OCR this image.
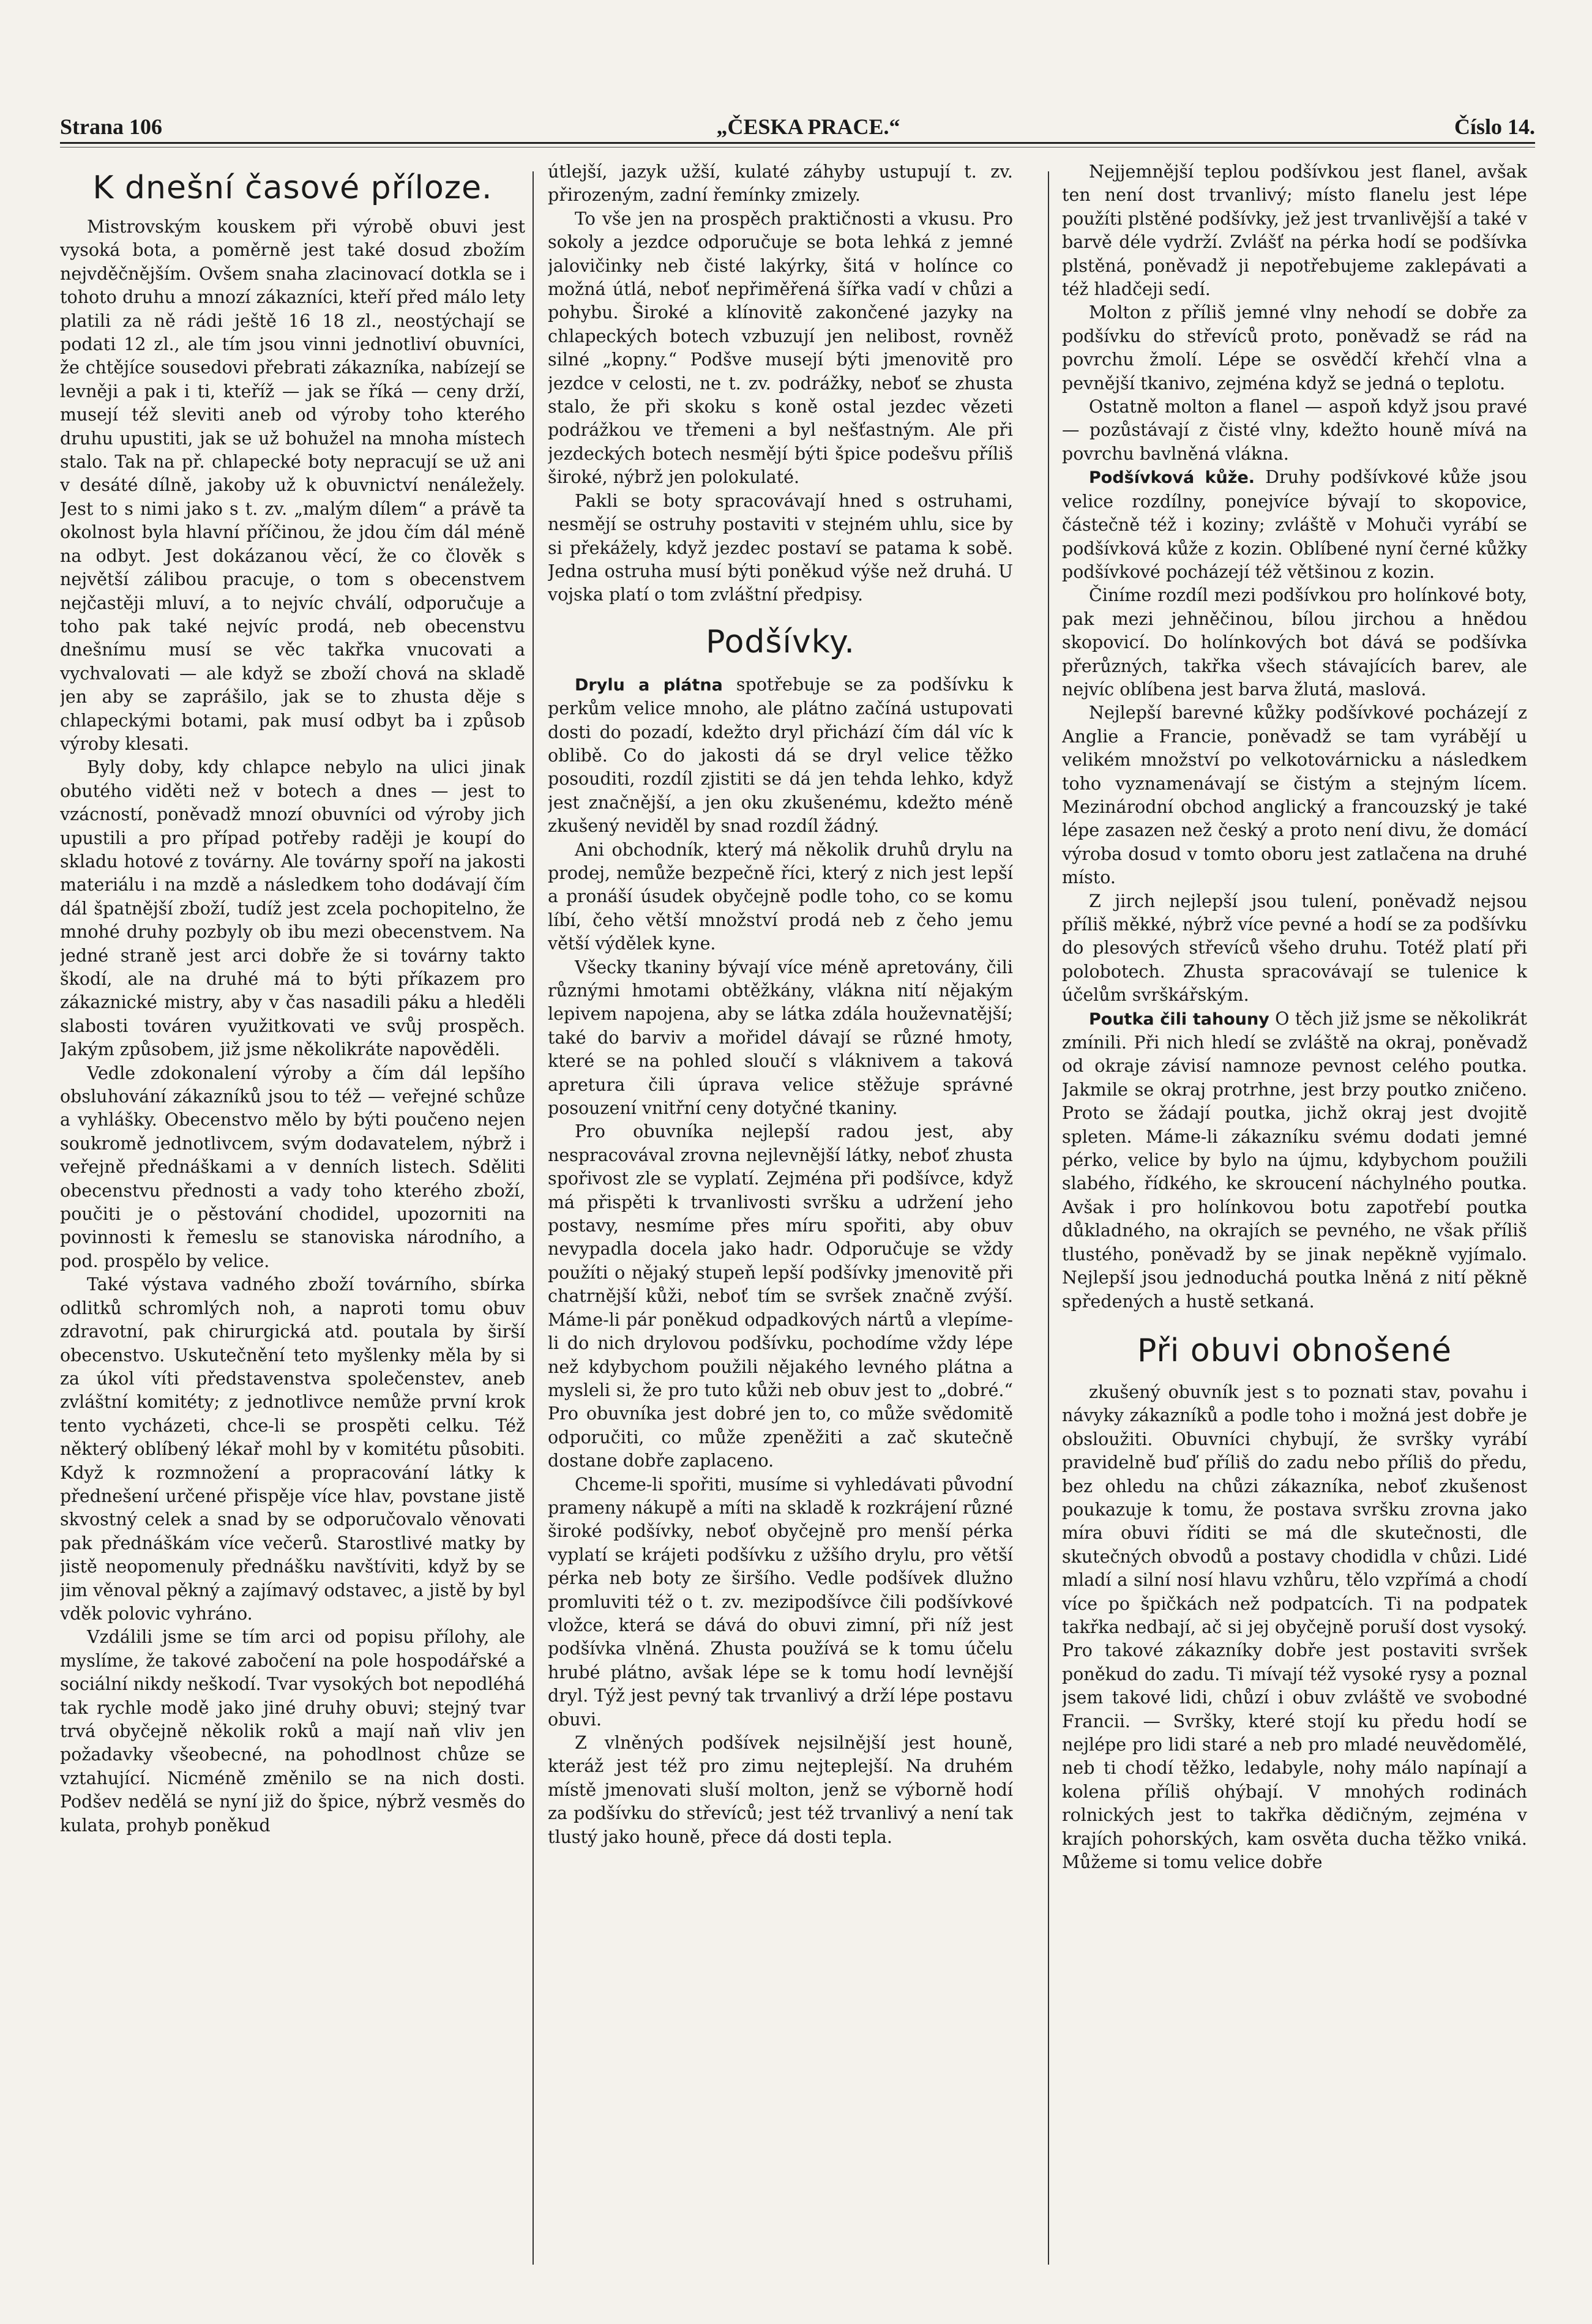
Strana 106	„ČESKA PRACE.“	Číslo 14.
K dnešní časové příloze.

Mistrovským kouskem při výrobě obuvi jest vysoká bota, a poměrně jest také dosud zbožím nejvděčnějším. Ovšem snaha zlacinovací dotkla se i tohoto druhu a mnozí zákazníci, kteří před málo lety platili za ně rádi ještě 16 18 zl., neostýchají se podati 12 zl., ale tím jsou vinni jednotliví obuvníci, že chtějíce sousedovi přebrati zákazníka, nabízejí se levněji a pak i ti, kteříž — jak se říká — ceny drží, musejí též sleviti aneb od výroby toho kterého druhu upustiti, jak se už bohužel na mnoha místech stalo. Tak na př. chlapecké boty nepracují se už ani v desáté dílně, jakoby už k obuvnictví nenáležely. Jest to s nimi jako s t. zv. „malým dílem“ a právě ta okolnost byla hlavní příčinou, že jdou čím dál méně na odbyt. Jest dokázanou věcí, že co člověk s největší zálibou pracuje, o tom s obecenstvem nejčastěji mluví, a to nejvíc chválí, odporučuje a toho pak také nejvíc prodá, neb obecenstvu dnešnímu musí se věc takřka vnucovati a vychvalovati — ale když se zboží chová na skladě jen aby se zaprášilo, jak se to zhusta děje s chlapeckými botami, pak musí odbyt ba i způsob výroby klesati.

Byly doby, kdy chlapce nebylo na ulici jinak obutého viděti než v botech a dnes — jest to vzácností, poněvadž mnozí obuvníci od výroby jich upustili a pro případ potřeby raději je koupí do skladu hotové z továrny. Ale továrny spoří na jakosti materiálu i na mzdě a následkem toho dodávají čím dál špatnější zboží, tudíž jest zcela pochopitelno, že mnohé druhy pozbyly ob ibu mezi obecenstvem. Na jedné straně jest arci dobře že si továrny takto škodí, ale na druhé má to býti příkazem pro zákaznické mistry, aby v čas nasadili páku a hleděli slabosti továren využitkovati ve svůj prospěch. Jakým způsobem, již jsme několikráte napověděli.

Vedle zdokonalení výroby a čím dál lepšího obsluhování zákazníků jsou to též — veřejné schůze a vyhlášky. Obecenstvo mělo by býti poučeno nejen soukromě jednotlivcem, svým dodavatelem, nýbrž i veřejně přednáškami a v denních listech. Sděliti obecenstvu přednosti a vady toho kterého zboží, poučiti je o pěstování chodidel, upozorniti na povinnosti k řemeslu se stanoviska národního, a pod. prospělo by velice.

Také výstava vadného zboží továrního, sbírka odlitků schromlých noh, a naproti tomu obuv zdravotní, pak chirurgická atd. poutala by širší obecenstvo. Uskutečnění teto myšlenky měla by si za úkol víti představenstva společenstev, aneb zvláštní komitéty; z jednotlivce nemůže první krok tento vycházeti, chce-li se prospěti celku. Též některý oblíbený lékař mohl by v komitétu působiti. Když k rozmnožení a propracování látky k přednešení určené přispěje více hlav, povstane jistě skvostný celek a snad by se odporučovalo věnovati pak přednáškám více večerů. Starostlivé matky by jistě neopomenuly přednášku navštíviti, když by se jim věnoval pěkný a zajímavý odstavec, a jistě by byl vděk polovic vyhráno.

Vzdálili jsme se tím arci od popisu přílohy, ale myslíme, že takové zabočení na pole hospodářské a sociální nikdy neškodí. Tvar vysokých bot nepodléhá tak rychle modě jako jiné druhy obuvi; stejný tvar trvá obyčejně několik roků a mají naň vliv jen požadavky všeobecné, na pohodlnost chůze se vztahující. Nicméně změnilo se na nich dosti. Podšev nedělá se nyní již do špice, nýbrž vesměs do kulata, prohyb poněkud

útlejší, jazyk užší, kulaté záhyby ustupují t. zv. přirozeným, zadní řemínky zmizely.

To vše jen na prospěch praktičnosti a vkusu. Pro sokoly a jezdce odporučuje se bota lehká z jemné jalovičinky neb čisté lakýrky, šitá v holínce co možná útlá, neboť nepřiměřená šířka vadí v chůzi a pohybu. Široké a klínovitě zakončené jazyky na chlapeckých botech vzbuzují jen nelibost, rovněž silné „kopny.“ Podšve musejí býti jmenovitě pro jezdce v celosti, ne t. zv. podrážky, neboť se zhusta stalo, že při skoku s koně ostal jezdec vězeti podrážkou ve třemeni a byl nešťastným. Ale při jezdeckých botech nesmějí býti špice podešvu příliš široké, nýbrž jen polokulaté.

Pakli se boty spracovávají hned s ostruhami, nesmějí se ostruhy postaviti v stejném uhlu, sice by si překážely, když jezdec postaví se patama k sobě. Jedna ostruha musí býti poněkud výše než druhá. U vojska platí o tom zvláštní předpisy.

Podšívky.

Drylu a plátna spotřebuje se za podšívku k perkům velice mnoho, ale plátno začíná ustupovati dosti do pozadí, kdežto dryl přichází čím dál víc k oblibě. Co do jakosti dá se dryl velice těžko posouditi, rozdíl zjistiti se dá jen tehda lehko, když jest značnější, a jen oku zkušenému, kdežto méně zkušený neviděl by snad rozdíl žádný.

Ani obchodník, který má několik druhů drylu na prodej, nemůže bezpečně říci, který z nich jest lepší a pronáší úsudek obyčejně podle toho, co se komu líbí, čeho větší množství prodá neb z čeho jemu větší výdělek kyne.

Všecky tkaniny bývají více méně apretovány, čili různými hmotami obtěžkány, vlákna nití nějakým lepivem napojena, aby se látka zdála houževnatější; také do barviv a mořidel dávají se různé hmoty, které se na pohled sloučí s vláknivem a taková apretura čili úprava velice stěžuje správné posouzení vnitřní ceny dotyčné tkaniny.

Pro obuvníka nejlepší radou jest, aby nespracovával zrovna nejlevnější látky, neboť zhusta spořivost zle se vyplatí. Zejména při podšívce, když má přispěti k trvanlivosti svršku a udržení jeho postavy, nesmíme přes míru spořiti, aby obuv nevypadla docela jako hadr. Odporučuje se vždy použíti o nějaký stupeň lepší podšívky jmenovitě při chatrnější kůži, neboť tím se svršek značně zvýší. Máme-li pár poněkud odpadkových nártů a vlepíme-li do nich drylovou podšívku, pochodíme vždy lépe než kdybychom použili nějakého levného plátna a mysleli si, že pro tuto kůži neb obuv jest to „dobré.“ Pro obuvníka jest dobré jen to, co může svědomitě odporučiti, co může zpeněžiti a zač skutečně dostane dobře zaplaceno.

Chceme-li spořiti, musíme si vyhledávati původní prameny nákupě a míti na skladě k rozkrájení různé široké podšívky, neboť obyčejně pro menší pérka vyplatí se krájeti podšívku z užšího drylu, pro větší pérka neb boty ze širšího. Vedle podšívek dlužno promluviti též o t. zv. mezipodšívce čili podšívkové vložce, která se dává do obuvi zimní, při níž jest podšívka vlněná. Zhusta používá se k tomu účelu hrubé plátno, avšak lépe se k tomu hodí levnější dryl. Týž jest pevný tak trvanlivý a drží lépe postavu obuvi.

Z vlněných podšívek nejsilnější jest houně, kteráž jest též pro zimu nejteplejší. Na druhém místě jmenovati sluší molton, jenž se výborně hodí za podšívku do střevíců; jest též trvanlivý a není tak tlustý jako houně, přece dá dosti tepla.

Nejjemnější teplou podšívkou jest flanel, avšak ten není dost trvanlivý; místo flanelu jest lépe použíti plstěné podšívky, jež jest trvanlivější a také v barvě déle vydrží. Zvlášť na pérka hodí se podšívka plstěná, poněvadž ji nepotřebujeme zaklepávati a též hladčeji sedí.

Molton z příliš jemné vlny nehodí se dobře za podšívku do střevíců proto, poněvadž se rád na povrchu žmolí. Lépe se osvědčí křehčí vlna a pevnější tkanivo, zejména když se jedná o teplotu.

Ostatně molton a flanel — aspoň když jsou pravé — pozůstávají z čisté vlny, kdežto houně mívá na povrchu bavlněná vlákna.

Podšívková kůže. Druhy podšívkové kůže jsou velice rozdílny, ponejvíce bývají to skopovice, částečně též i koziny; zvláště v Mohuči vyrábí se podšívková kůže z kozin. Oblíbené nyní černé kůžky podšívkové pocházejí též většinou z kozin.

Činíme rozdíl mezi podšívkou pro holínkové boty, pak mezi jehněčinou, bílou jirchou a hnědou skopovicí. Do holínkových bot dává se podšívka přerůzných, takřka všech stávajících barev, ale nejvíc oblíbena jest barva žlutá, maslová.

Nejlepší barevné kůžky podšívkové pocházejí z Anglie a Francie, poněvadž se tam vyrábějí u velikém množství po velkotovárnicku a následkem toho vyznamenávají se čistým a stejným lícem. Mezinárodní obchod anglický a francouzský je také lépe zasazen než český a proto není divu, že domácí výroba dosud v tomto oboru jest zatlačena na druhé místo.

Z jirch nejlepší jsou tulení, poněvadž nejsou příliš měkké, nýbrž více pevné a hodí se za podšívku do plesových střevíců všeho druhu. Totéž platí při polobotech. Zhusta spracovávají se tulenice k účelům svrškářským.

Poutka čili tahouny O těch již jsme se několikrát zmínili. Při nich hledí se zvláště na okraj, poněvadž od okraje závisí namnoze pevnost celého poutka. Jakmile se okraj protrhne, jest brzy poutko zničeno. Proto se žádají poutka, jichž okraj jest dvojitě spleten. Máme-li zákazníku svému dodati jemné pérko, velice by bylo na újmu, kdybychom použili slabého, řídkého, ke skroucení náchylného poutka. Avšak i pro holínkovou botu zapotřebí poutka důkladného, na okrajích se pevného, ne však příliš tlustého, poněvadž by se jinak nepěkně vyjímalo. Nejlepší jsou jednoduchá poutka lněná z nití pěkně spředených a hustě setkaná.

Při obuvi obnošené

zkušený obuvník jest s to poznati stav, povahu i návyky zákazníků a podle toho i možná jest dobře je obsloužiti. Obuvníci chybují, že svršky vyrábí pravidelně buď příliš do zadu nebo příliš do předu, bez ohledu na chůzi zákazníka, neboť zkušenost poukazuje k tomu, že postava svršku zrovna jako míra obuvi říditi se má dle skutečnosti, dle skutečných obvodů a postavy chodidla v chůzi. Lidé mladí a silní nosí hlavu vzhůru, tělo vzpřímá a chodí více po špičkách než podpatcích. Ti na podpatek takřka nedbají, ač si jej obyčejně poruší dost vysoký. Pro takové zákazníky dobře jest postaviti svršek poněkud do zadu. Ti mívají též vysoké rysy a poznal jsem takové lidi, chůzí i obuv zvláště ve svobodné Francii. — Svršky, které stojí ku předu hodí se nejlépe pro lidi staré a neb pro mladé neuvědomělé, neb ti chodí těžko, ledabyle, nohy málo napínají a kolena příliš ohýbají. V mnohých rodinách rolnických jest to takřka dědičným, zejména v krajích pohorských, kam osvěta ducha těžko vniká. Můžeme si tomu velice dobře
